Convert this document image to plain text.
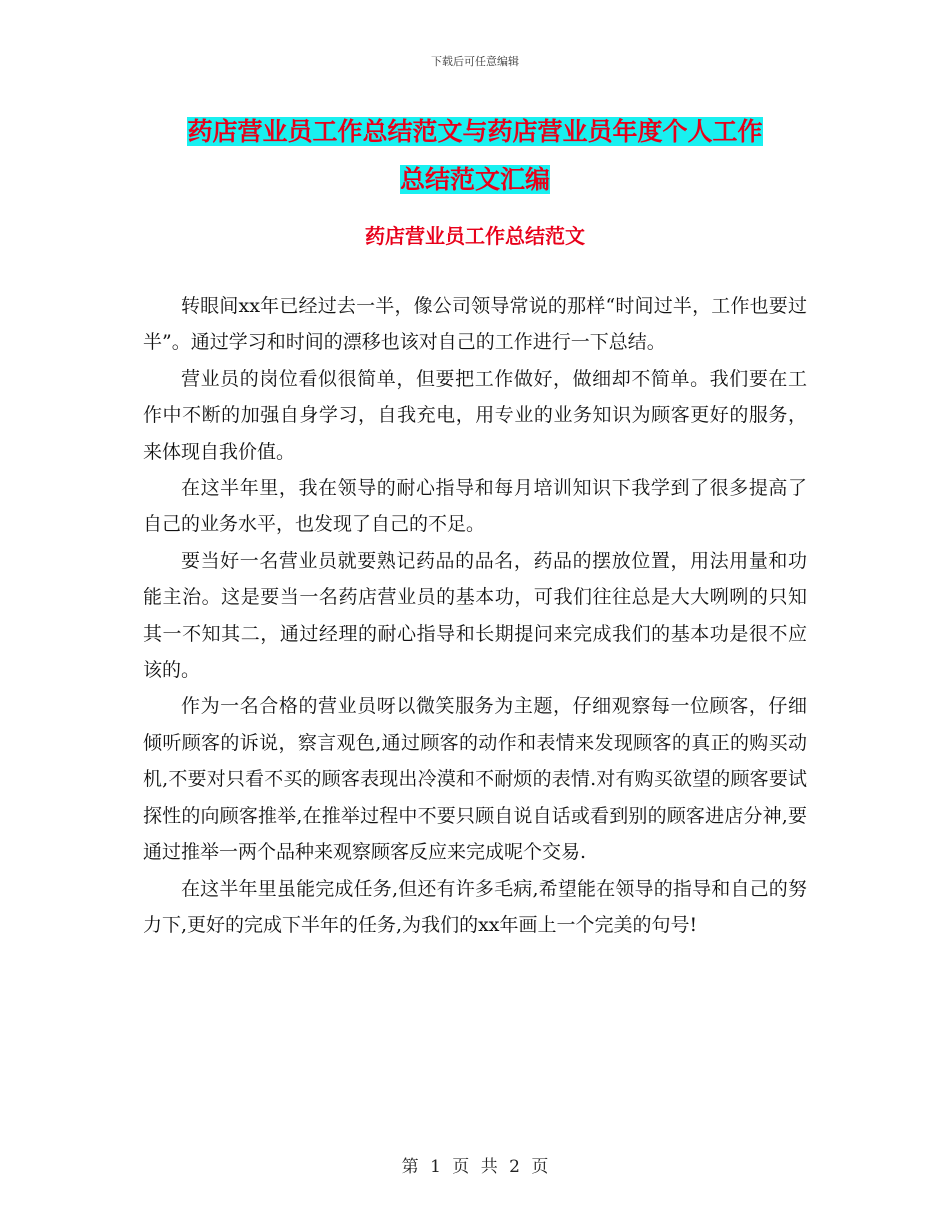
下载后可任意编辑
药店营业员工作总结范文与药店营业员年度个人工作
总结范文汇编
药店营业员工作总结范文

转眼间xx年已经过去一半，像公司领导常说的那样“时间过半，工作也要过半”。通过学习和时间的漂移也该对自己的工作进行一下总结。

营业员的岗位看似很简单，但要把工作做好，做细却不简单。我们要在工作中不断的加强自身学习，自我充电，用专业的业务知识为顾客更好的服务，来体现自我价值。

在这半年里，我在领导的耐心指导和每月培训知识下我学到了很多提高了自己的业务水平，也发现了自己的不足。

要当好一名营业员就要熟记药品的品名，药品的摆放位置，用法用量和功能主治。这是要当一名药店营业员的基本功，可我们往往总是大大咧咧的只知其一不知其二，通过经理的耐心指导和长期提问来完成我们的基本功是很不应该的。

作为一名合格的营业员呀以微笑服务为主题，仔细观察每一位顾客，仔细倾听顾客的诉说，察言观色,通过顾客的动作和表情来发现顾客的真正的购买动机,不要对只看不买的顾客表现出冷漠和不耐烦的表情.对有购买欲望的顾客要试探性的向顾客推举,在推举过程中不要只顾自说自话或看到别的顾客进店分神,要通过推举一两个品种来观察顾客反应来完成呢个交易.

在这半年里虽能完成任务,但还有许多毛病,希望能在领导的指导和自己的努力下,更好的完成下半年的任务,为我们的xx年画上一个完美的句号!

第 1 页 共 2 页
